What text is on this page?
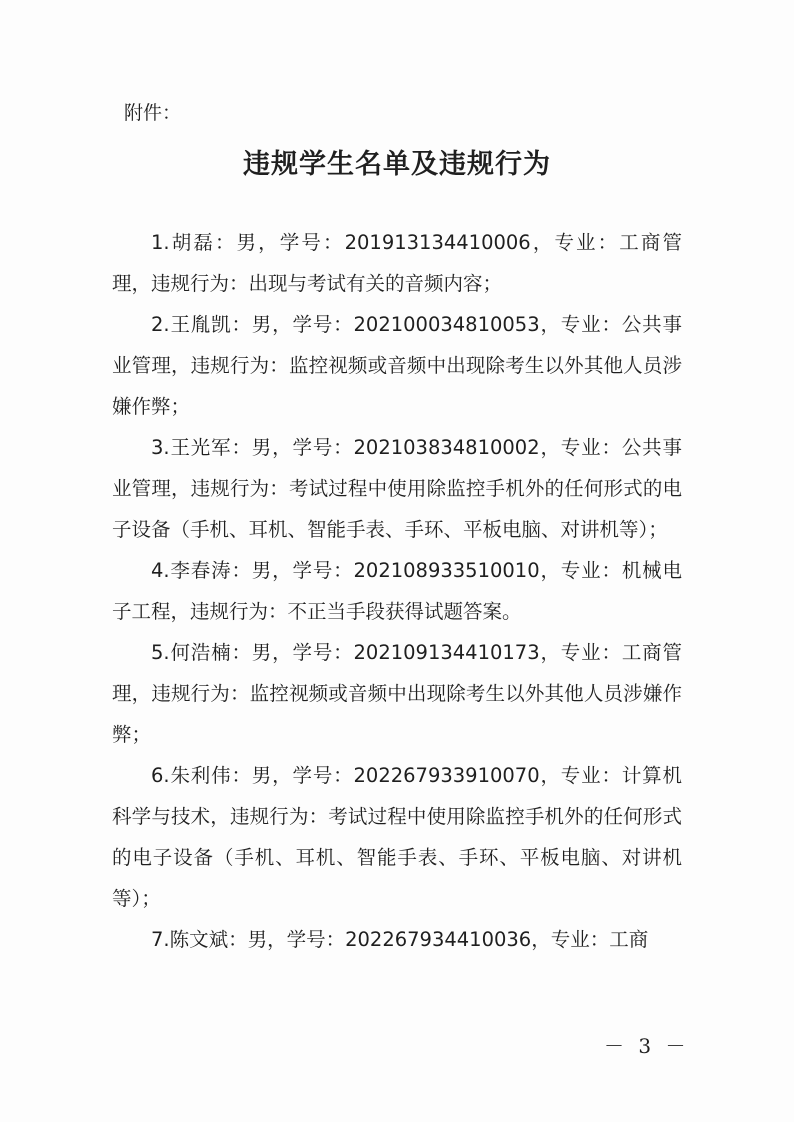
附件：
违规学生名单及违规行为

1.胡磊：男，学号：201913134410006，专业：工商管理，违规行为：出现与考试有关的音频内容；

2.王胤凯：男，学号：202100034810053，专业：公共事业管理，违规行为：监控视频或音频中出现除考生以外其他人员涉嫌作弊；

3.王光军：男，学号：202103834810002，专业：公共事业管理，违规行为：考试过程中使用除监控手机外的任何形式的电子设备（手机、耳机、智能手表、手环、平板电脑、对讲机等）；

4.李春涛：男，学号：202108933510010，专业：机械电子工程，违规行为：不正当手段获得试题答案。

5.何浩楠：男，学号：202109134410173，专业：工商管理，违规行为：监控视频或音频中出现除考生以外其他人员涉嫌作弊；

6.朱利伟：男，学号：202267933910070，专业：计算机科学与技术，违规行为：考试过程中使用除监控手机外的任何形式的电子设备（手机、耳机、智能手表、手环、平板电脑、对讲机等）；

7.陈文斌：男，学号：202267934410036，专业：工商

－ 3 －
